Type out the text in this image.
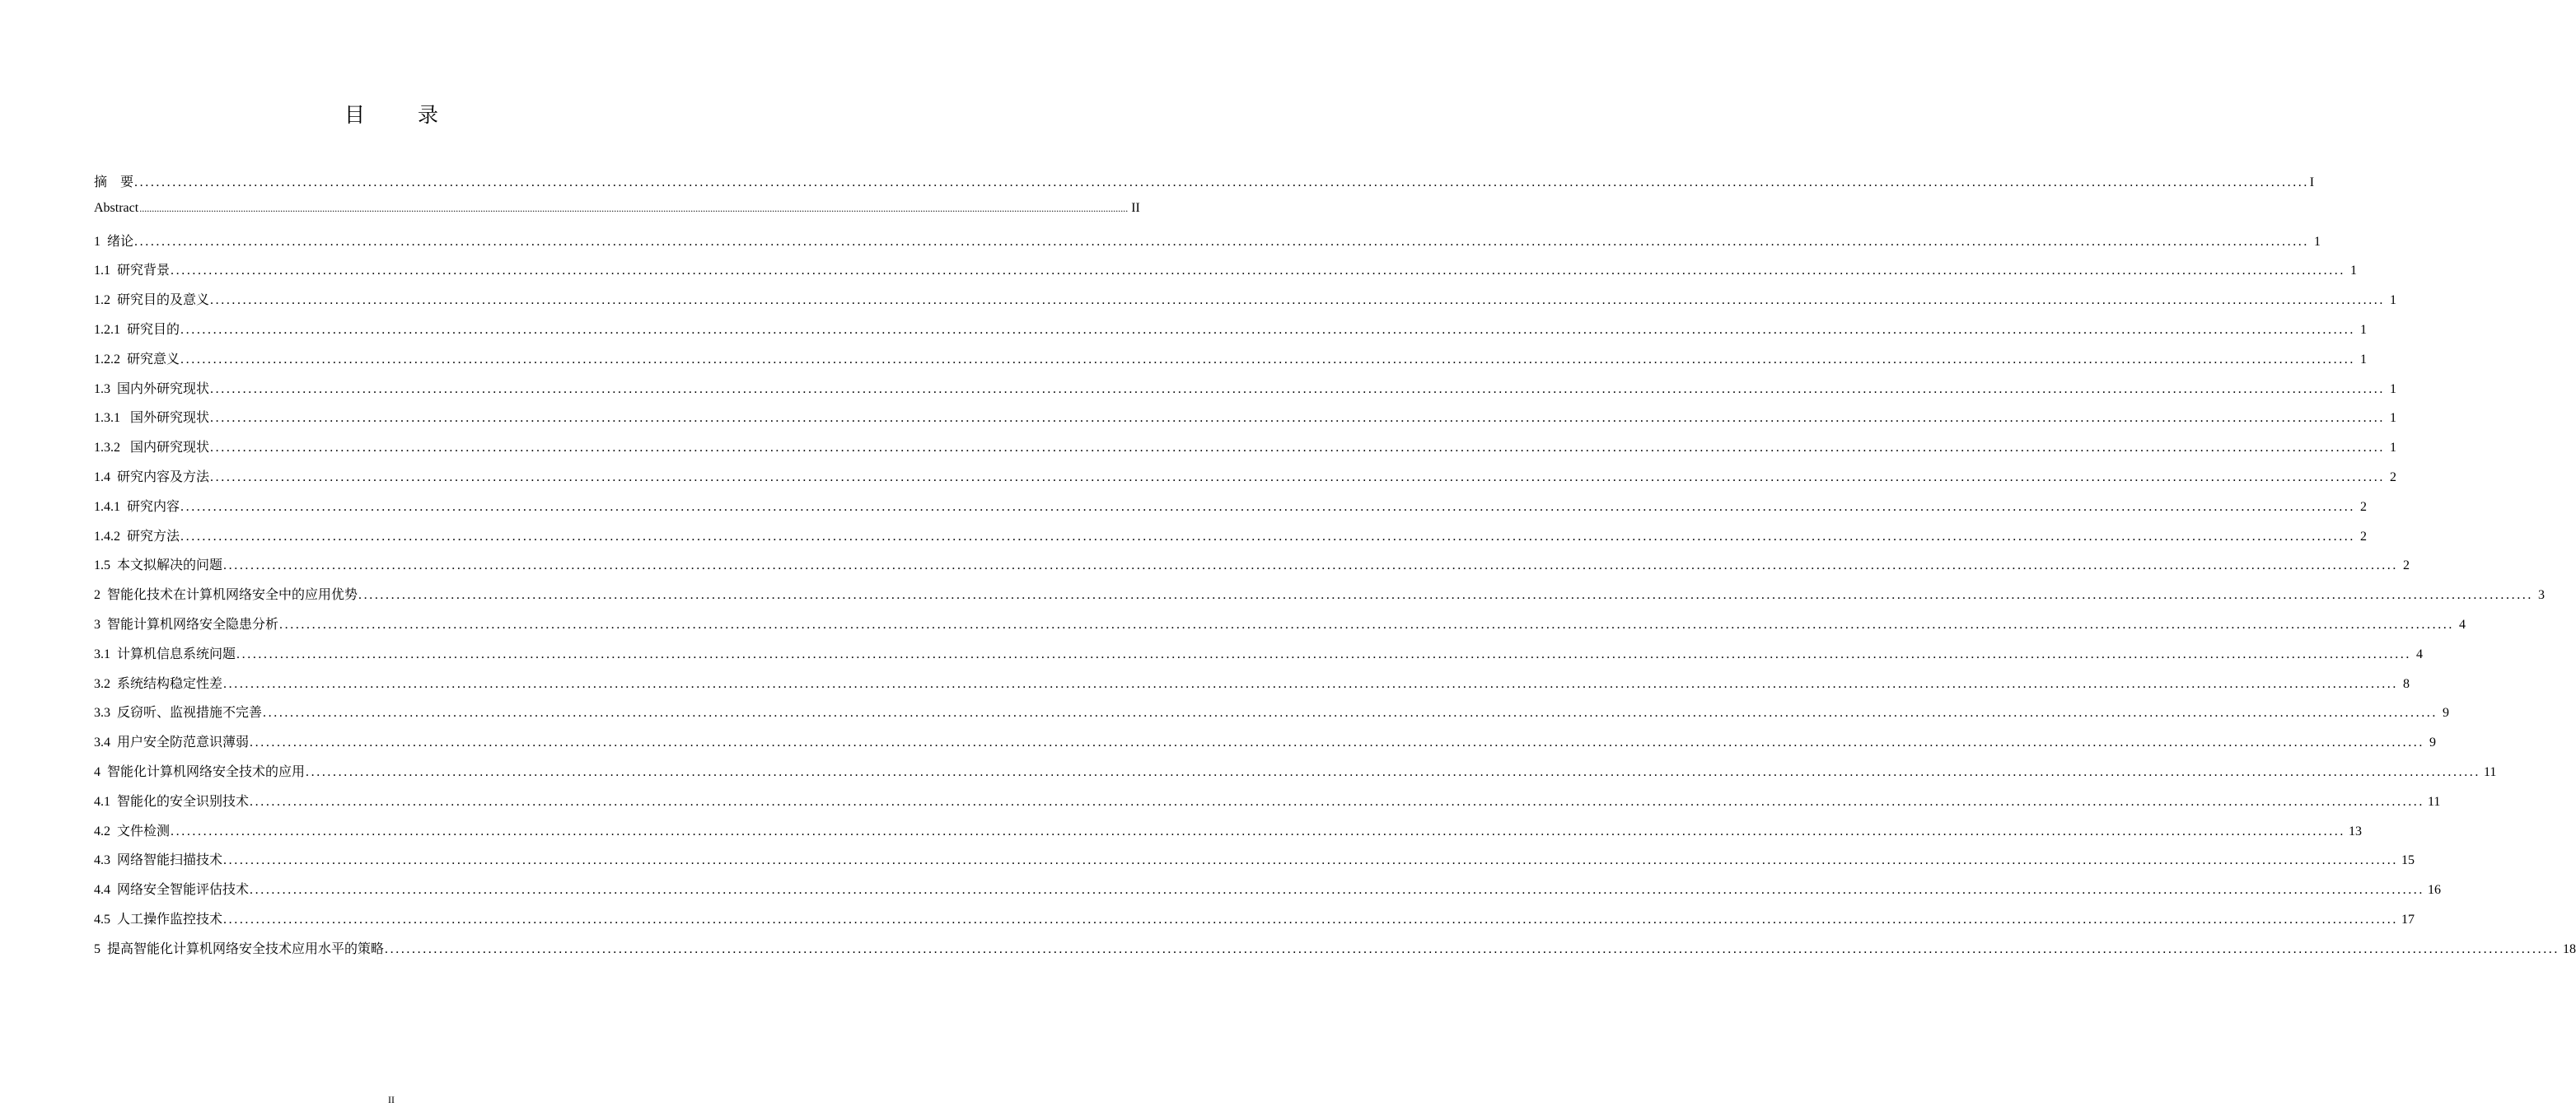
目 录
摘　要 ................................................................................................................................................................................................................................................................................................................................................................................................................ I
Abstract ................................................................................................................................................................................................................................................................................................................................................................................................................ II
1  绪论 ................................................................................................................................................................................................................................................................................................................................................................................................................ 1
1.1  研究背景 ................................................................................................................................................................................................................................................................................................................................................................................................................ 1
1.2  研究目的及意义 ................................................................................................................................................................................................................................................................................................................................................................................................................ 1
1.2.1  研究目的 ................................................................................................................................................................................................................................................................................................................................................................................................................ 1
1.2.2  研究意义 ................................................................................................................................................................................................................................................................................................................................................................................................................ 1
1.3  国内外研究现状 ................................................................................................................................................................................................................................................................................................................................................................................................................ 1
1.3.1   国外研究现状 ................................................................................................................................................................................................................................................................................................................................................................................................................ 1
1.3.2   国内研究现状 ................................................................................................................................................................................................................................................................................................................................................................................................................ 1
1.4  研究内容及方法 ................................................................................................................................................................................................................................................................................................................................................................................................................ 2
1.4.1  研究内容 ................................................................................................................................................................................................................................................................................................................................................................................................................ 2
1.4.2  研究方法 ................................................................................................................................................................................................................................................................................................................................................................................................................ 2
1.5  本文拟解决的问题 ................................................................................................................................................................................................................................................................................................................................................................................................................ 2
2  智能化技术在计算机网络安全中的应用优势 ................................................................................................................................................................................................................................................................................................................................................................................................................ 3
3  智能计算机网络安全隐患分析 ................................................................................................................................................................................................................................................................................................................................................................................................................ 4
3.1  计算机信息系统问题 ................................................................................................................................................................................................................................................................................................................................................................................................................ 4
3.2  系统结构稳定性差 ................................................................................................................................................................................................................................................................................................................................................................................................................ 8
3.3  反窃听、监视措施不完善 ................................................................................................................................................................................................................................................................................................................................................................................................................ 9
3.4  用户安全防范意识薄弱 ................................................................................................................................................................................................................................................................................................................................................................................................................ 9
4  智能化计算机网络安全技术的应用 ................................................................................................................................................................................................................................................................................................................................................................................................................ 11
4.1  智能化的安全识别技术 ................................................................................................................................................................................................................................................................................................................................................................................................................ 11
4.2  文件检测 ................................................................................................................................................................................................................................................................................................................................................................................................................ 13
4.3  网络智能扫描技术 ................................................................................................................................................................................................................................................................................................................................................................................................................ 15
4.4  网络安全智能评估技术 ................................................................................................................................................................................................................................................................................................................................................................................................................ 16
4.5  人工操作监控技术 ................................................................................................................................................................................................................................................................................................................................................................................................................ 17
5  提高智能化计算机网络安全技术应用水平的策略 ................................................................................................................................................................................................................................................................................................................................................................................................................ 18
II
